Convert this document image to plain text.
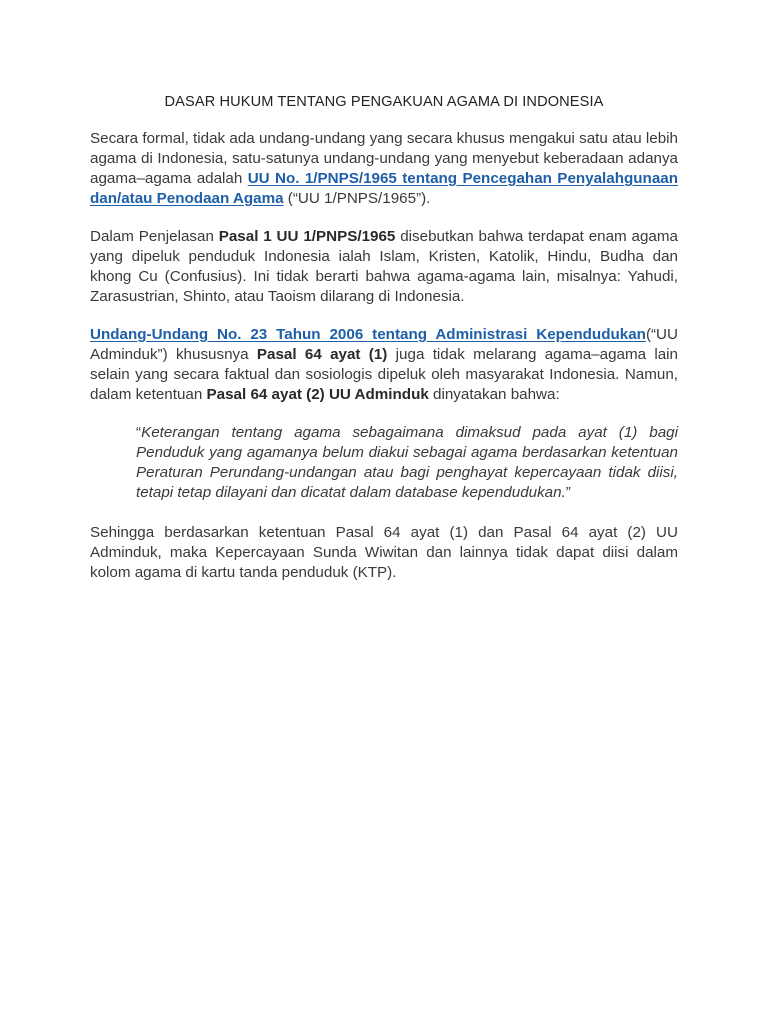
DASAR HUKUM TENTANG PENGAKUAN AGAMA DI INDONESIA

Secara formal, tidak ada undang-undang yang secara khusus mengakui satu atau lebih agama di Indonesia, satu-satunya undang-undang yang menyebut keberadaan adanya agama–agama adalah UU No. 1/PNPS/1965 tentang Pencegahan Penyalahgunaan dan/atau Penodaan Agama (“UU 1/PNPS/1965”).

Dalam Penjelasan Pasal 1 UU 1/PNPS/1965 disebutkan bahwa terdapat enam agama yang dipeluk penduduk Indonesia ialah Islam, Kristen, Katolik, Hindu, Budha dan khong Cu (Confusius). Ini tidak berarti bahwa agama-agama lain, misalnya: Yahudi, Zarasustrian, Shinto, atau Taoism dilarang di Indonesia.

Undang-Undang No. 23 Tahun 2006 tentang Administrasi Kependudukan(“UU Adminduk”) khususnya Pasal 64 ayat (1) juga tidak melarang agama–agama lain selain yang secara faktual dan sosiologis dipeluk oleh masyarakat Indonesia. Namun, dalam ketentuan Pasal 64 ayat (2) UU Adminduk dinyatakan bahwa:

“Keterangan tentang agama sebagaimana dimaksud pada ayat (1) bagi Penduduk yang agamanya belum diakui sebagai agama berdasarkan ketentuan Peraturan Perundang-undangan atau bagi penghayat kepercayaan tidak diisi, tetapi tetap dilayani dan dicatat dalam database kependudukan.”

Sehingga berdasarkan ketentuan Pasal 64 ayat (1) dan Pasal 64 ayat (2) UU Adminduk, maka Kepercayaan Sunda Wiwitan dan lainnya tidak dapat diisi dalam kolom agama di kartu tanda penduduk (KTP).
